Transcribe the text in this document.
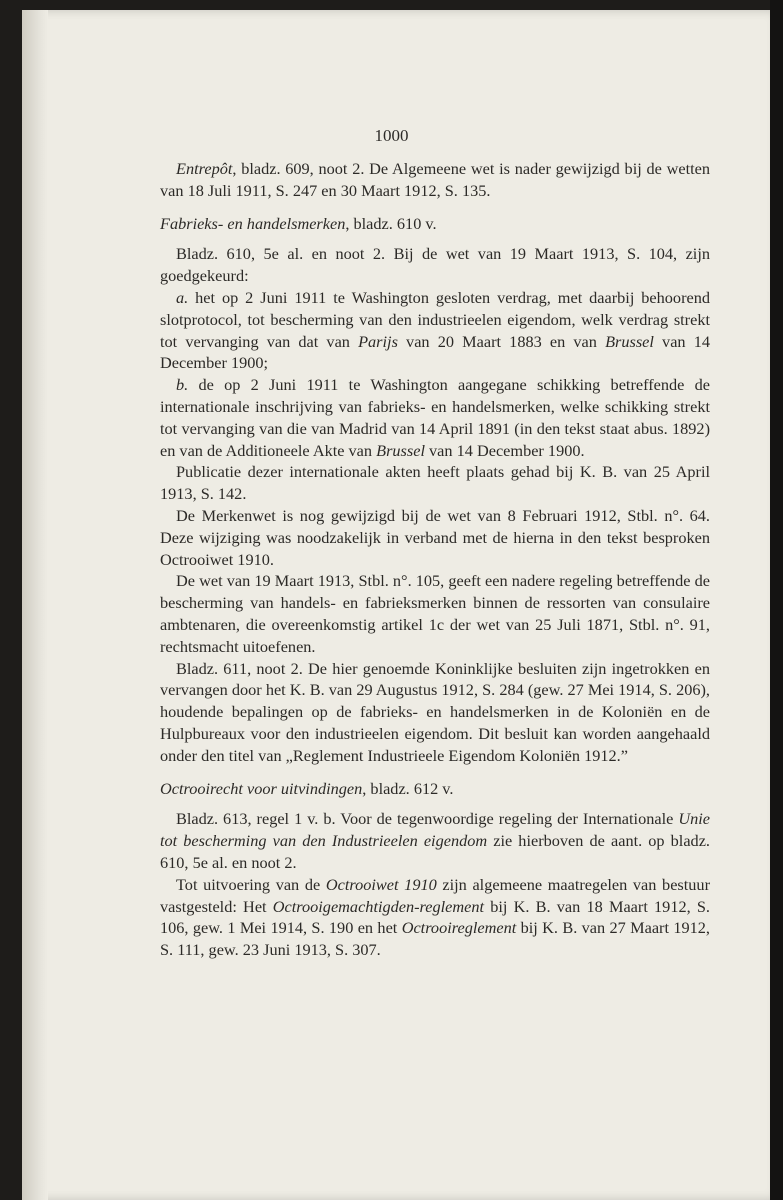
1000

Entrepôt, bladz. 609, noot 2. De Algemeene wet is nader gewijzigd bij de wetten van 18 Juli 1911, S. 247 en 30 Maart 1912, S. 135.

Fabrieks- en handelsmerken, bladz. 610 v.

Bladz. 610, 5e al. en noot 2. Bij de wet van 19 Maart 1913, S. 104, zijn goedgekeurd:

a. het op 2 Juni 1911 te Washington gesloten verdrag, met daarbij behoorend slotprotocol, tot bescherming van den industrieelen eigendom, welk verdrag strekt tot vervanging van dat van Parijs van 20 Maart 1883 en van Brussel van 14 December 1900;

b. de op 2 Juni 1911 te Washington aangegane schikking betreffende de internationale inschrijving van fabrieks- en handelsmerken, welke schikking strekt tot vervanging van die van Madrid van 14 April 1891 (in den tekst staat abus. 1892) en van de Additioneele Akte van Brussel van 14 December 1900.

Publicatie dezer internationale akten heeft plaats gehad bij K. B. van 25 April 1913, S. 142.

De Merkenwet is nog gewijzigd bij de wet van 8 Februari 1912, Stbl. n°. 64. Deze wijziging was noodzakelijk in verband met de hierna in den tekst besproken Octrooiwet 1910.

De wet van 19 Maart 1913, Stbl. n°. 105, geeft een nadere regeling betreffende de bescherming van handels- en fabrieksmerken binnen de ressorten van consulaire ambtenaren, die overeenkomstig artikel 1c der wet van 25 Juli 1871, Stbl. n°. 91, rechtsmacht uitoefenen.

Bladz. 611, noot 2. De hier genoemde Koninklijke besluiten zijn ingetrokken en vervangen door het K. B. van 29 Augustus 1912, S. 284 (gew. 27 Mei 1914, S. 206), houdende bepalingen op de fabrieks- en handelsmerken in de Koloniën en de Hulpbureaux voor den industrieelen eigendom. Dit besluit kan worden aangehaald onder den titel van „Reglement Industrieele Eigendom Koloniën 1912.”

Octrooirecht voor uitvindingen, bladz. 612 v.

Bladz. 613, regel 1 v. b. Voor de tegenwoordige regeling der Internationale Unie tot bescherming van den Industrieelen eigendom zie hierboven de aant. op bladz. 610, 5e al. en noot 2.

Tot uitvoering van de Octrooiwet 1910 zijn algemeene maatregelen van bestuur vastgesteld: Het Octrooigemachtigden-reglement bij K. B. van 18 Maart 1912, S. 106, gew. 1 Mei 1914, S. 190 en het Octrooireglement bij K. B. van 27 Maart 1912, S. 111, gew. 23 Juni 1913, S. 307.
